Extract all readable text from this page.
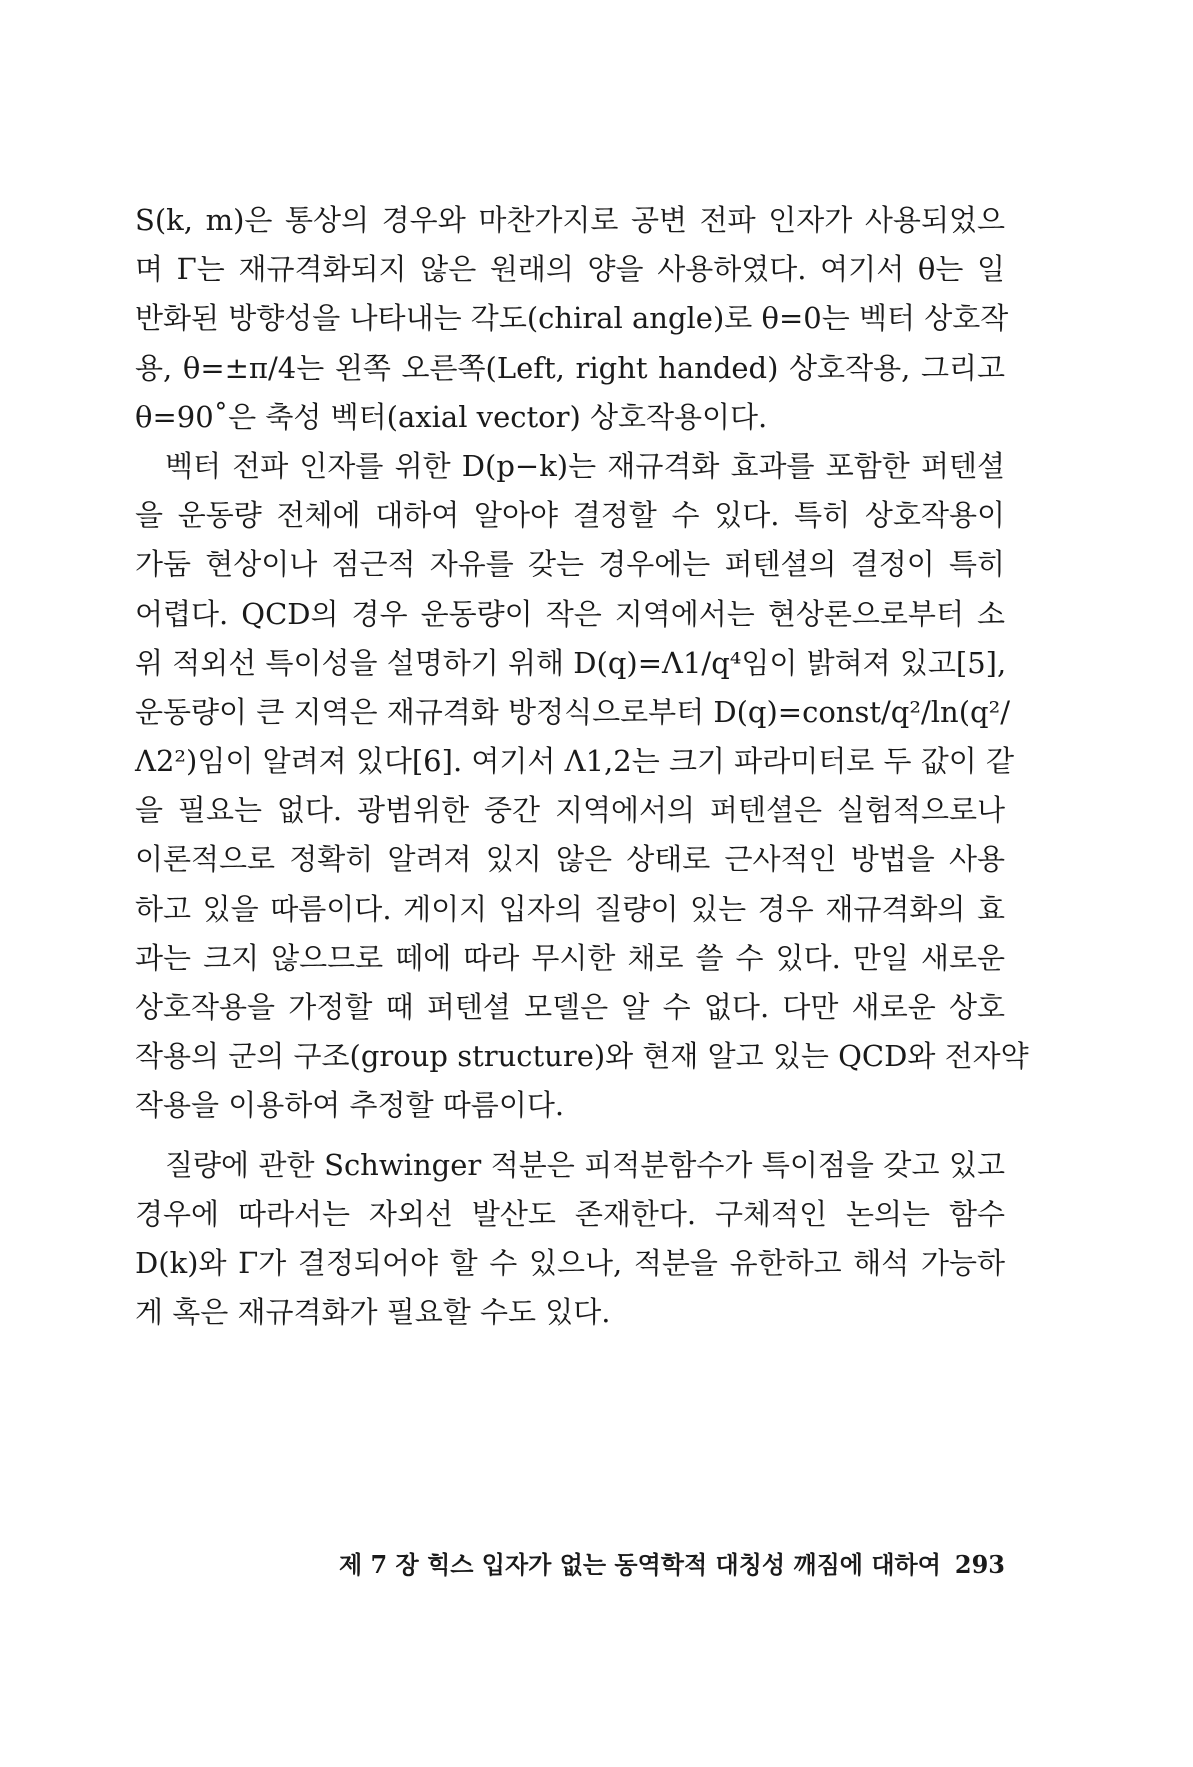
S(k, m)은 통상의 경우와 마찬가지로 공변 전파 인자가 사용되었으
며 Γ는 재규격화되지 않은 원래의 양을 사용하였다. 여기서 θ는 일
반화된 방향성을 나타내는 각도(chiral angle)로 θ=0는 벡터 상호작
용, θ=±π/4는 왼쪽 오른쪽(Left, right handed) 상호작용, 그리고
θ=90˚은 축성 벡터(axial vector) 상호작용이다.
벡터 전파 인자를 위한 D(p−k)는 재규격화 효과를 포함한 퍼텐셜
을 운동량 전체에 대하여 알아야 결정할 수 있다. 특히 상호작용이
가둠 현상이나 점근적 자유를 갖는 경우에는 퍼텐셜의 결정이 특히
어렵다. QCD의 경우 운동량이 작은 지역에서는 현상론으로부터 소
위 적외선 특이성을 설명하기 위해 D(q)=Λ1/q⁴임이 밝혀져 있고[5],
운동량이 큰 지역은 재규격화 방정식으로부터 D(q)=const/q²/ln(q²/
Λ2²)임이 알려져 있다[6]. 여기서 Λ1,2는 크기 파라미터로 두 값이 같
을 필요는 없다. 광범위한 중간 지역에서의 퍼텐셜은 실험적으로나
이론적으로 정확히 알려져 있지 않은 상태로 근사적인 방법을 사용
하고 있을 따름이다. 게이지 입자의 질량이 있는 경우 재규격화의 효
과는 크지 않으므로 떼에 따라 무시한 채로 쓸 수 있다. 만일 새로운
상호작용을 가정할 때 퍼텐셜 모델은 알 수 없다. 다만 새로운 상호
작용의 군의 구조(group structure)와 현재 알고 있는 QCD와 전자약
작용을 이용하여 추정할 따름이다.
질량에 관한 Schwinger 적분은 피적분함수가 특이점을 갖고 있고
경우에 따라서는 자외선 발산도 존재한다. 구체적인 논의는 함수
D(k)와 Γ가 결정되어야 할 수 있으나, 적분을 유한하고 해석 가능하
게 혹은 재규격화가 필요할 수도 있다.
제 7 장 힉스 입자가 없는 동역학적 대칭성 깨짐에 대하여 293
